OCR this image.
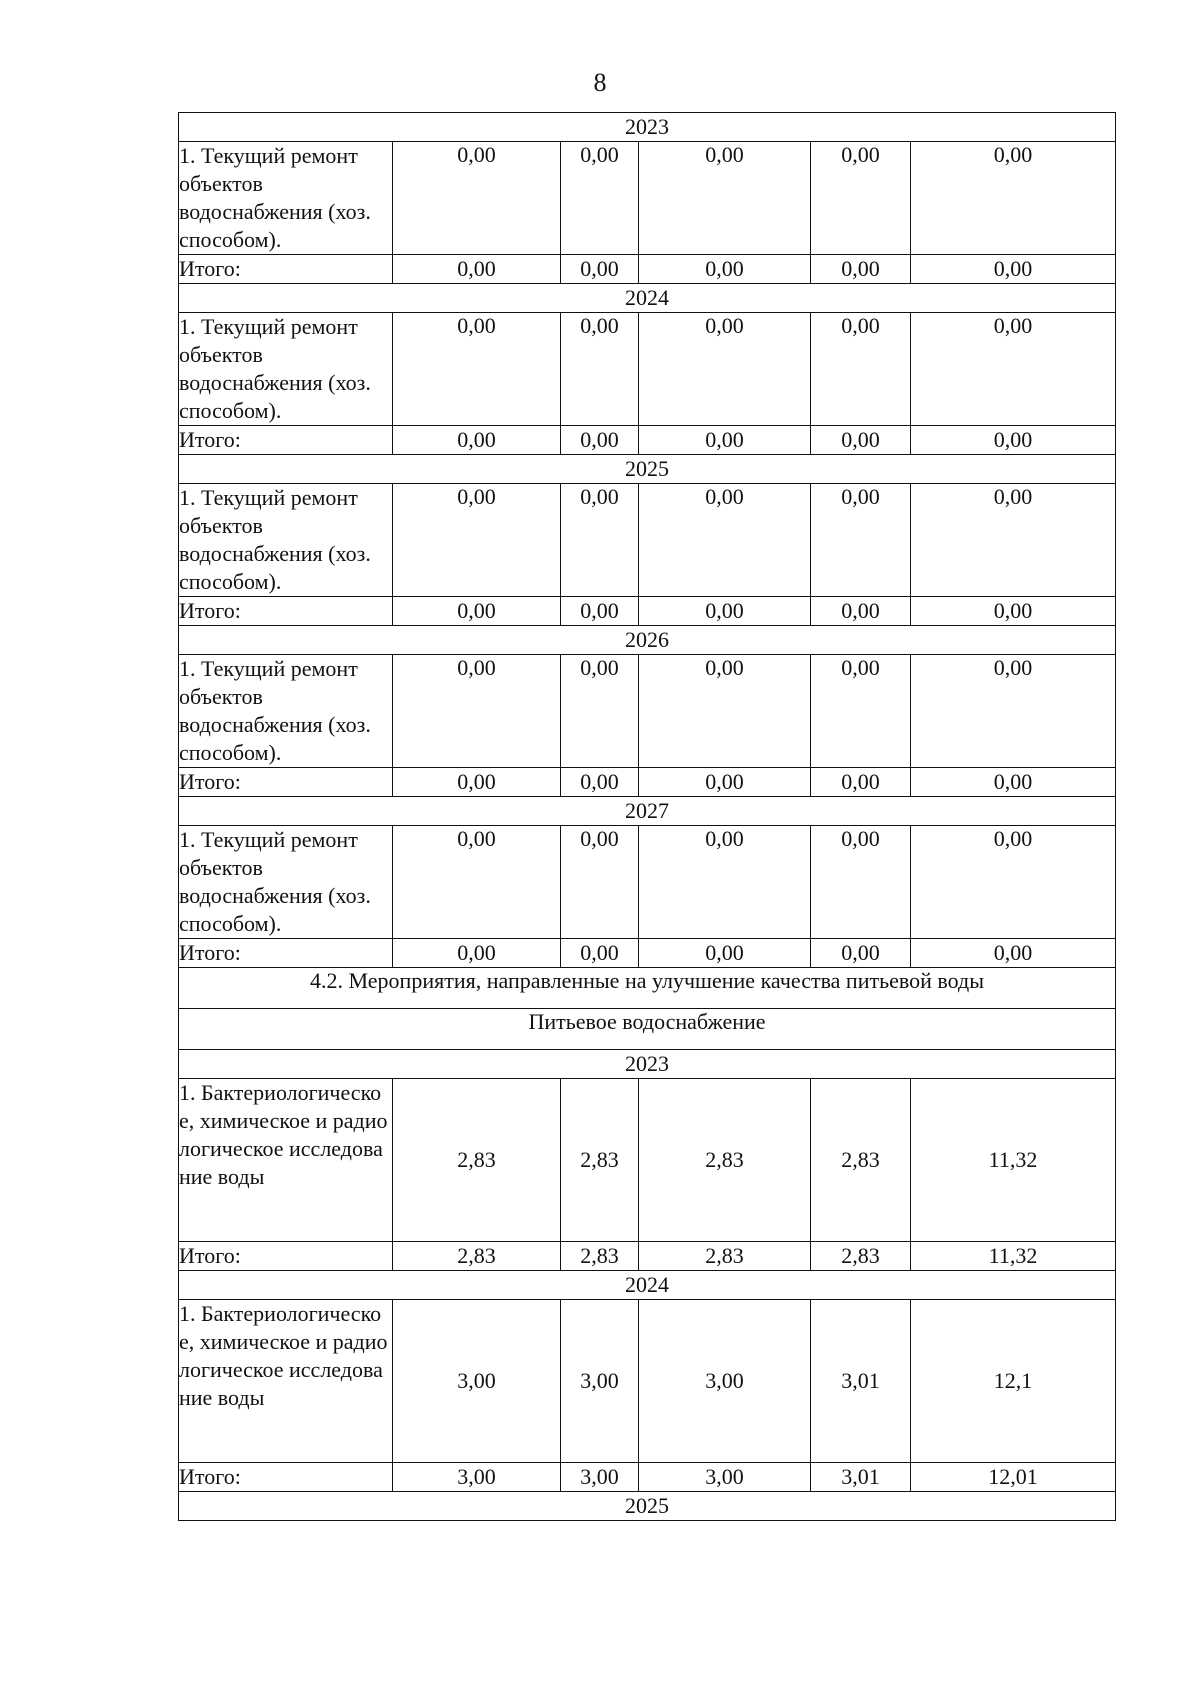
8
2023					
1. Текущий ремонт объектов водоснабжения (хоз. способом).	0,00	0,00	0,00	0,00	0,00
Итого:	0,00	0,00	0,00	0,00	0,00
2024					
1. Текущий ремонт объектов водоснабжения (хоз. способом).	0,00	0,00	0,00	0,00	0,00
Итого:	0,00	0,00	0,00	0,00	0,00
2025					
1. Текущий ремонт объектов водоснабжения (хоз. способом).	0,00	0,00	0,00	0,00	0,00
Итого:	0,00	0,00	0,00	0,00	0,00
2026					
1. Текущий ремонт объектов водоснабжения (хоз. способом).	0,00	0,00	0,00	0,00	0,00
Итого:	0,00	0,00	0,00	0,00	0,00
2027					
1. Текущий ремонт объектов водоснабжения (хоз. способом).	0,00	0,00	0,00	0,00	0,00
Итого:	0,00	0,00	0,00	0,00	0,00
4.2. Мероприятия, направленные на улучшение качества питьевой воды					
Питьевое водоснабжение					
2023					
1. Бактериологическое, химическое и радиологическое исследование воды	2,83	2,83	2,83	2,83	11,32
Итого:	2,83	2,83	2,83	2,83	11,32
2024					
1. Бактериологическое, химическое и радиологическое исследование воды	3,00	3,00	3,00	3,01	12,1
Итого:	3,00	3,00	3,00	3,01	12,01
2025					
